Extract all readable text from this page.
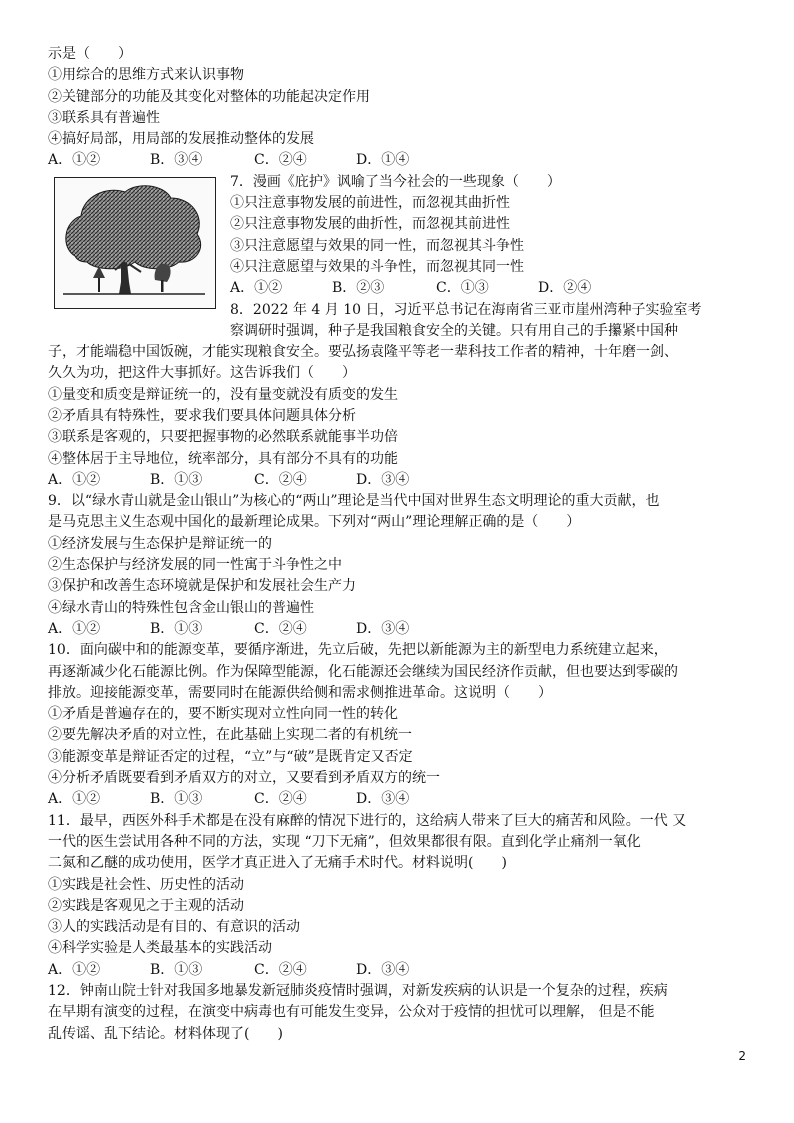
示是（　　）
①用综合的思维方式来认识事物
②关键部分的功能及其变化对整体的功能起决定作用
③联系具有普遍性
④搞好局部，用局部的发展推动整体的发展
A．①②	B．③④	C．②④	D．①④
7．漫画《庇护》讽喻了当今社会的一些现象（　　）
①只注意事物发展的前进性，而忽视其曲折性
②只注意事物发展的曲折性，而忽视其前进性
③只注意愿望与效果的同一性，而忽视其斗争性
④只注意愿望与效果的斗争性，而忽视其同一性
A．①②	B．②③	C．①③	D．②④
8．2022 年 4 月 10 日，习近平总书记在海南省三亚市崖州湾种子实验室考
察调研时强调，种子是我国粮食安全的关键。只有用自己的手攥紧中国种
子，才能端稳中国饭碗，才能实现粮食安全。要弘扬袁隆平等老一辈科技工作者的精神，十年磨一剑、
久久为功，把这件大事抓好。这告诉我们（　　）
①量变和质变是辩证统一的，没有量变就没有质变的发生
②矛盾具有特殊性，要求我们要具体问题具体分析
③联系是客观的，只要把握事物的必然联系就能事半功倍
④整体居于主导地位，统率部分，具有部分不具有的功能
A．①②	B．①③	C．②④	D．③④
9．以“绿水青山就是金山银山”为核心的“两山”理论是当代中国对世界生态文明理论的重大贡献，也
是马克思主义生态观中国化的最新理论成果。下列对“两山”理论理解正确的是（　　）
①经济发展与生态保护是辩证统一的
②生态保护与经济发展的同一性寓于斗争性之中
③保护和改善生态环境就是保护和发展社会生产力
④绿水青山的特殊性包含金山银山的普遍性
A．①②	B．①③	C．②④	D．③④
10．面向碳中和的能源变革，要循序渐进，先立后破，先把以新能源为主的新型电力系统建立起来，
再逐渐减少化石能源比例。作为保障型能源，化石能源还会继续为国民经济作贡献，但也要达到零碳的
排放。迎接能源变革，需要同时在能源供给侧和需求侧推进革命。这说明（　　）
①矛盾是普遍存在的，要不断实现对立性向同一性的转化
②要先解决矛盾的对立性，在此基础上实现二者的有机统一
③能源变革是辩证否定的过程，“立”与“破”是既肯定又否定
④分析矛盾既要看到矛盾双方的对立，又要看到矛盾双方的统一
A．①②	B．①③	C．②④	D．③④
11．最早，西医外科手术都是在没有麻醉的情况下进行的，这给病人带来了巨大的痛苦和风险。一代 又
一代的医生尝试用各种不同的方法，实现 “刀下无痛”，但效果都很有限。直到化学止痛剂一氧化
二氮和乙醚的成功使用，医学才真正进入了无痛手术时代。材料说明(　　)
①实践是社会性、历史性的活动
②实践是客观见之于主观的活动
③人的实践活动是有目的、有意识的活动
④科学实验是人类最基本的实践活动
A．①②	B．①③	C．②④	D．③④
12．钟南山院士针对我国多地暴发新冠肺炎疫情时强调，对新发疾病的认识是一个复杂的过程，疾病
在早期有演变的过程，在演变中病毒也有可能发生变异，公众对于疫情的担忧可以理解， 但是不能
乱传谣、乱下结论。材料体现了(　　)
2
